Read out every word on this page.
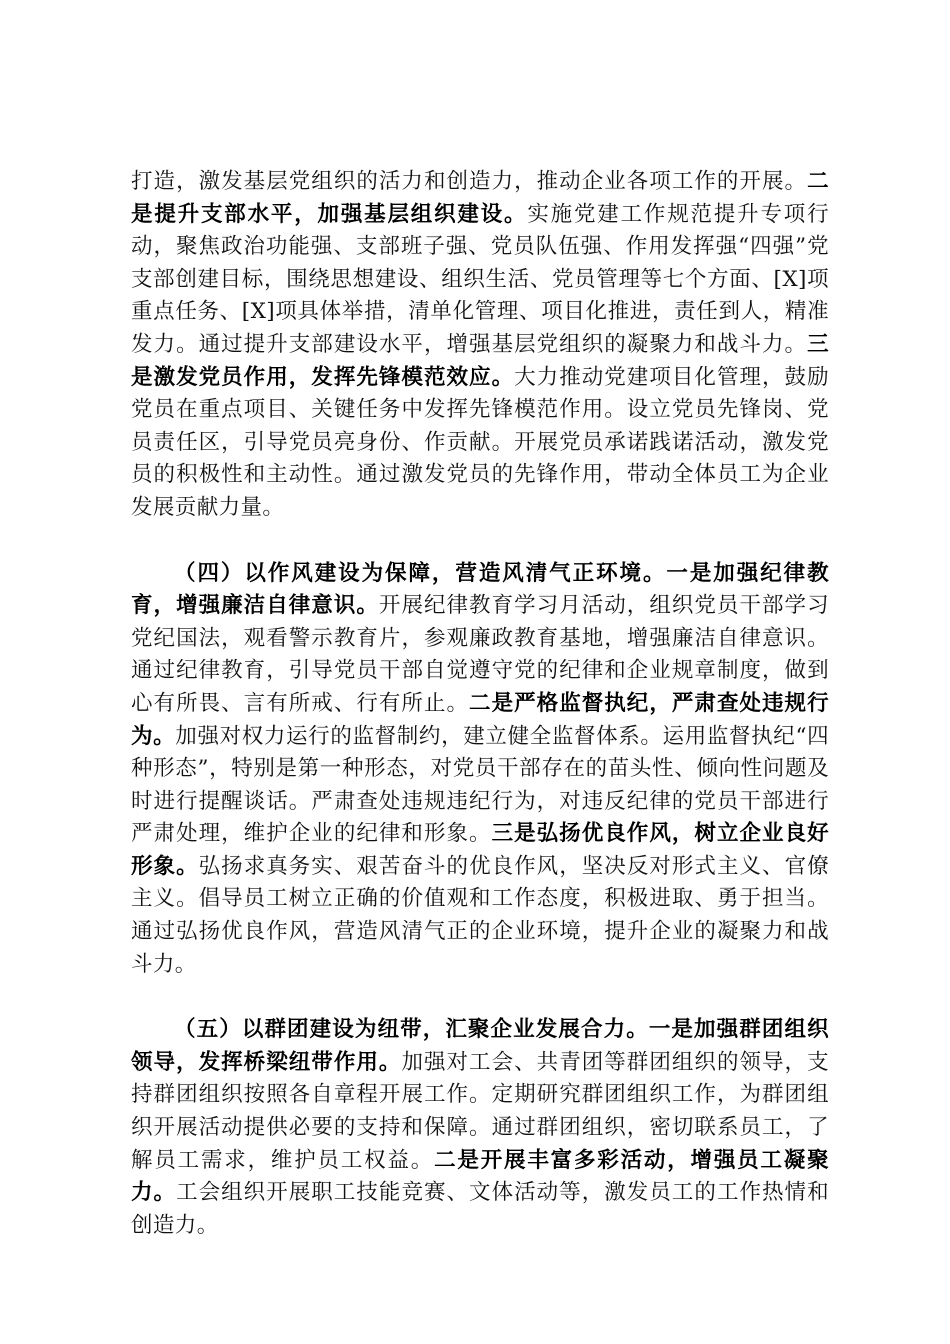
打造，激发基层党组织的活力和创造力，推动企业各项工作的开展。二是提升支部水平，加强基层组织建设。实施党建工作规范提升专项行动，聚焦政治功能强、支部班子强、党员队伍强、作用发挥强“四强”党支部创建目标，围绕思想建设、组织生活、党员管理等七个方面、[X]项重点任务、[X]项具体举措，清单化管理、项目化推进，责任到人，精准发力。通过提升支部建设水平，增强基层党组织的凝聚力和战斗力。三是激发党员作用，发挥先锋模范效应。大力推动党建项目化管理，鼓励党员在重点项目、关键任务中发挥先锋模范作用。设立党员先锋岗、党员责任区，引导党员亮身份、作贡献。开展党员承诺践诺活动，激发党员的积极性和主动性。通过激发党员的先锋作用，带动全体员工为企业发展贡献力量。

（四）以作风建设为保障，营造风清气正环境。一是加强纪律教育，增强廉洁自律意识。开展纪律教育学习月活动，组织党员干部学习党纪国法，观看警示教育片，参观廉政教育基地，增强廉洁自律意识。通过纪律教育，引导党员干部自觉遵守党的纪律和企业规章制度，做到心有所畏、言有所戒、行有所止。二是严格监督执纪，严肃查处违规行为。加强对权力运行的监督制约，建立健全监督体系。运用监督执纪“四种形态”，特别是第一种形态，对党员干部存在的苗头性、倾向性问题及时进行提醒谈话。严肃查处违规违纪行为，对违反纪律的党员干部进行严肃处理，维护企业的纪律和形象。三是弘扬优良作风，树立企业良好形象。弘扬求真务实、艰苦奋斗的优良作风，坚决反对形式主义、官僚主义。倡导员工树立正确的价值观和工作态度，积极进取、勇于担当。通过弘扬优良作风，营造风清气正的企业环境，提升企业的凝聚力和战斗力。

（五）以群团建设为纽带，汇聚企业发展合力。一是加强群团组织领导，发挥桥梁纽带作用。加强对工会、共青团等群团组织的领导，支持群团组织按照各自章程开展工作。定期研究群团组织工作，为群团组织开展活动提供必要的支持和保障。通过群团组织，密切联系员工，了解员工需求，维护员工权益。二是开展丰富多彩活动，增强员工凝聚力。工会组织开展职工技能竞赛、文体活动等，激发员工的工作热情和创造力。
